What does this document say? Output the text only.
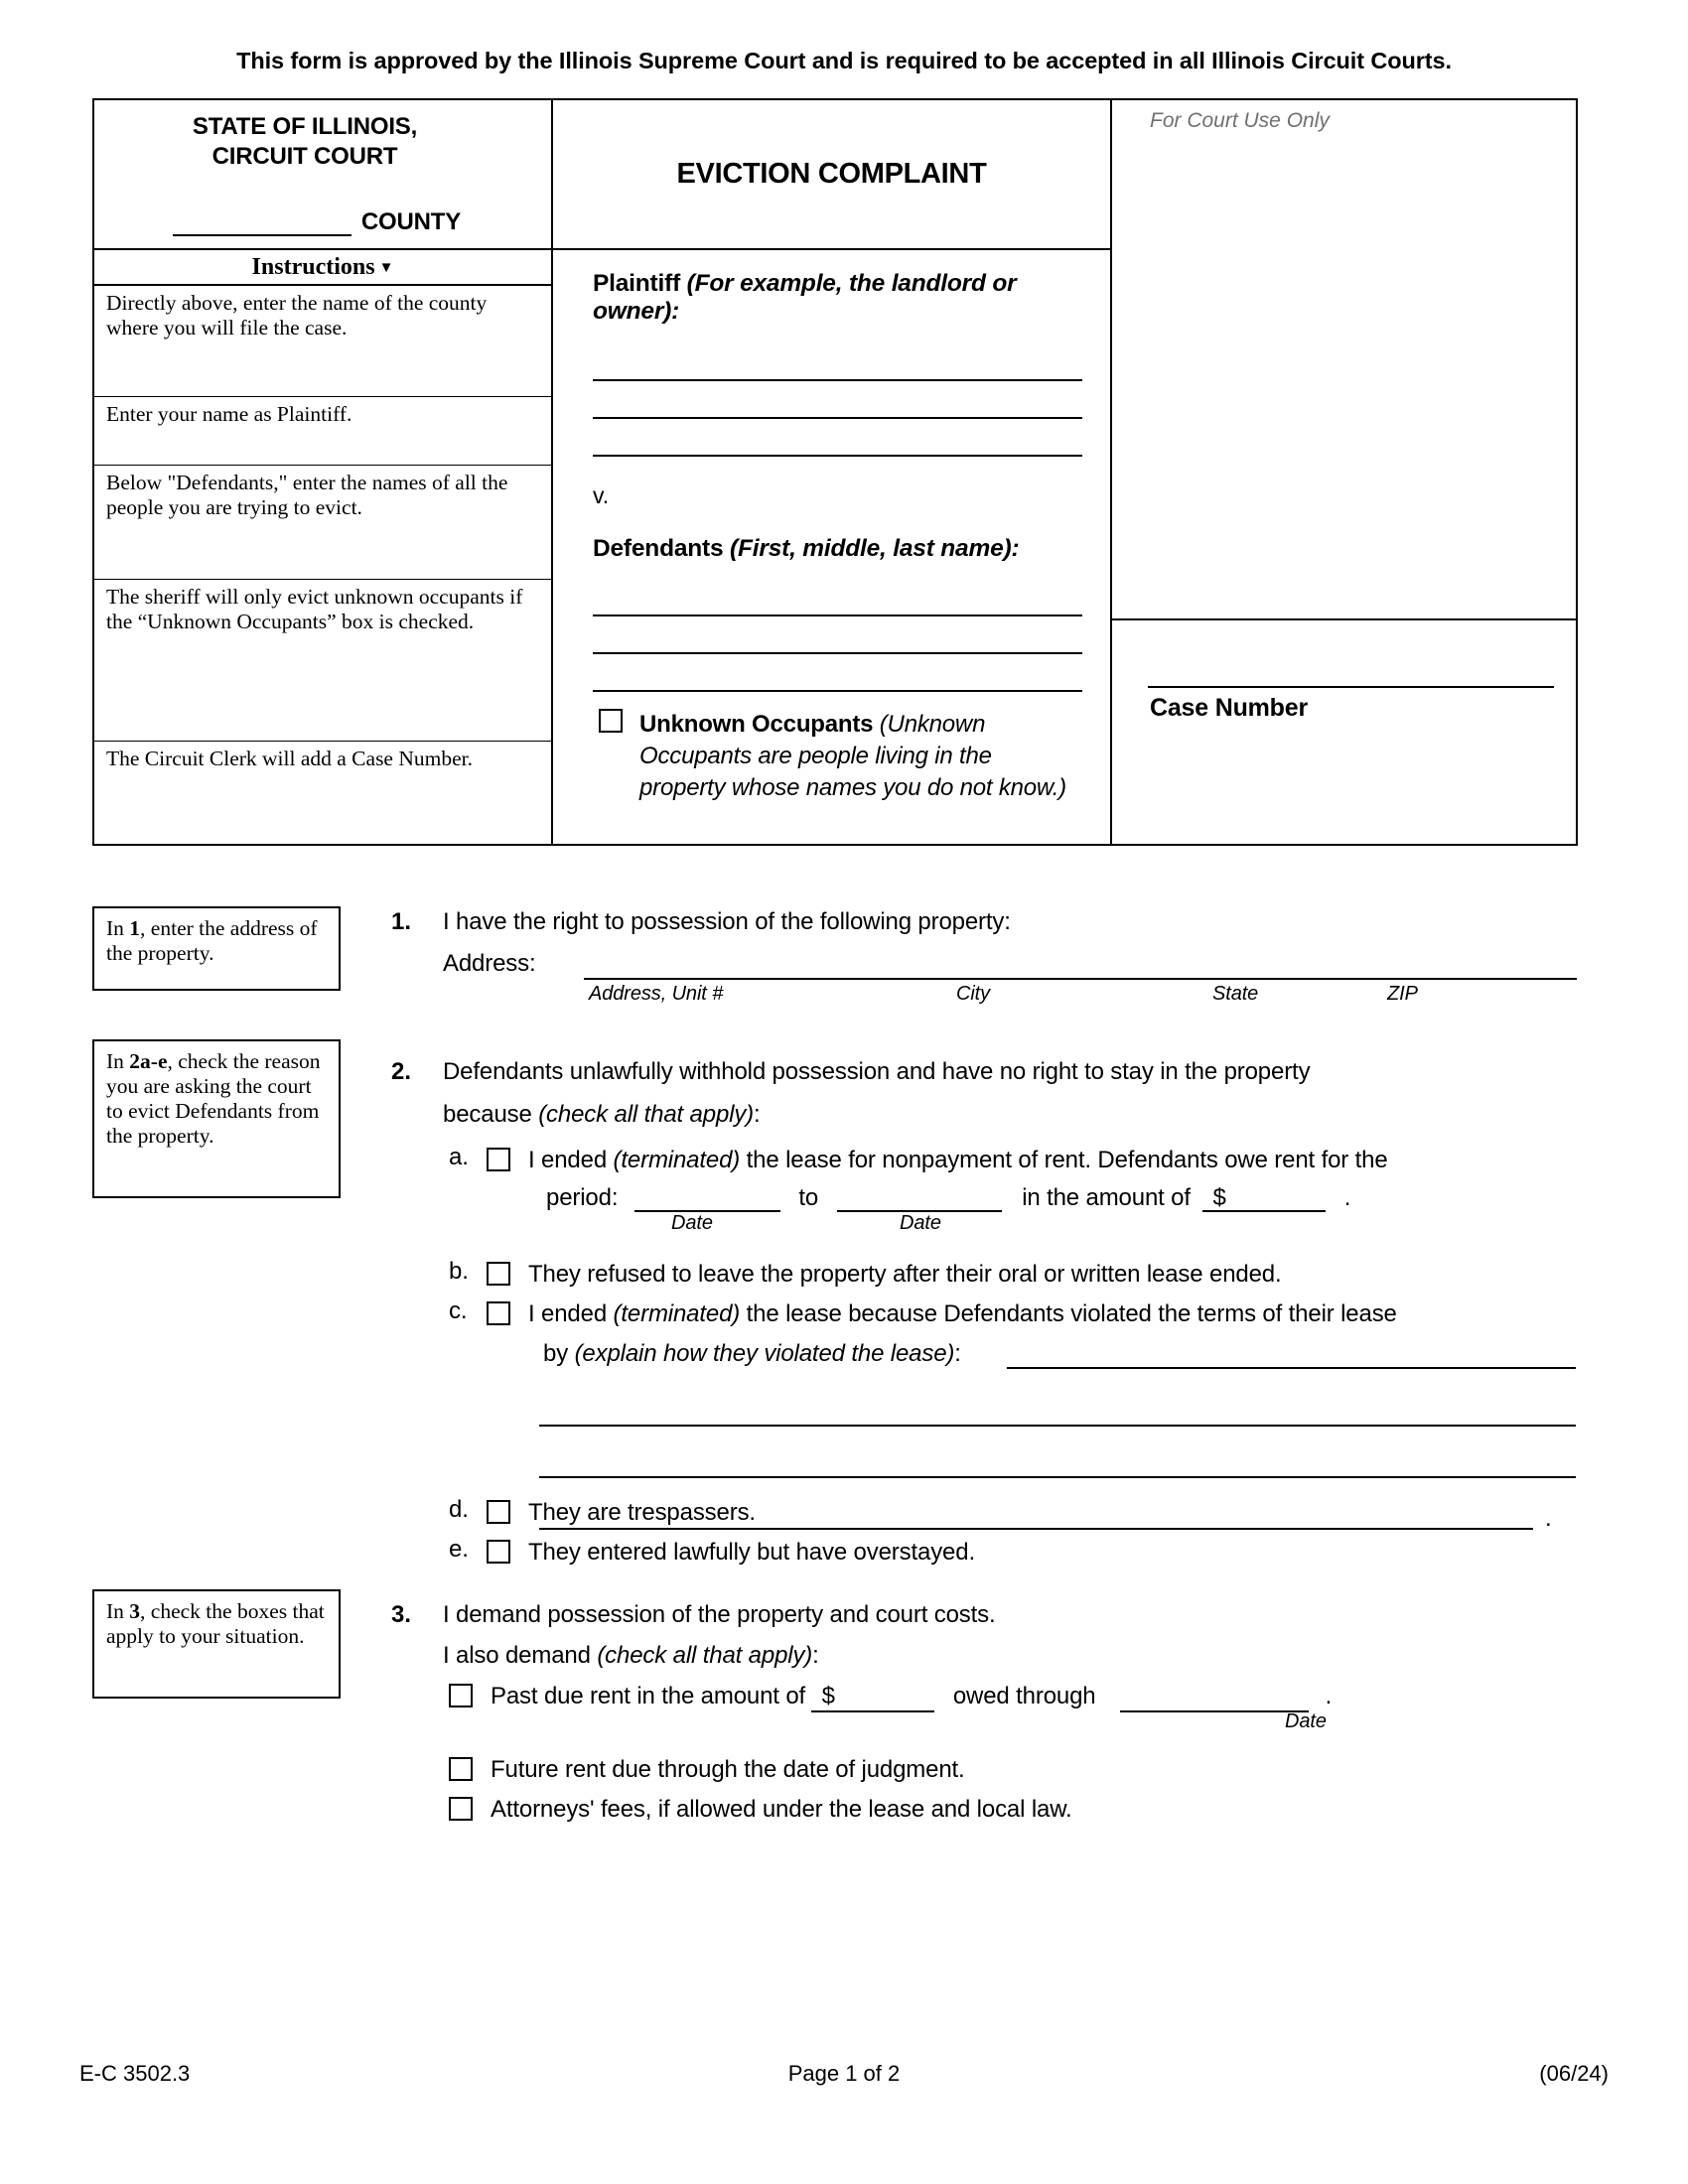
This form is approved by the Illinois Supreme Court and is required to be accepted in all Illinois Circuit Courts.
STATE OF ILLINOIS,
CIRCUIT COURT
COUNTY
Instructions ▼
Directly above, enter the name of the county where you will file the case.
Enter your name as Plaintiff.
Below "Defendants," enter the names of all the people you are trying to evict.
The sheriff will only evict unknown occupants if the “Unknown Occupants” box is checked.
The Circuit Clerk will add a Case Number.
EVICTION COMPLAINT
Plaintiff (For example, the landlord or owner):
v.
Defendants (First, middle, last name):
Unknown Occupants (Unknown Occupants are people living in the property whose names you do not know.)
For Court Use Only
Case Number
In 1, enter the address of the property.
1. I have the right to possession of the following property:
Address:
Address, Unit #	City	State	ZIP
In 2a-e, check the reason you are asking the court to evict Defendants from the property.
2. Defendants unlawfully withhold possession and have no right to stay in the property
because (check all that apply):
a.	I ended (terminated) the lease for nonpayment of rent. Defendants owe rent for the
period:	to	in the amount of $	.
Date	Date
b.	They refused to leave the property after their oral or written lease ended.
c.	I ended (terminated) the lease because Defendants violated the terms of their lease
by (explain how they violated the lease):
.
d.	They are trespassers.
e.	They entered lawfully but have overstayed.
In 3, check the boxes that apply to your situation.
3. I demand possession of the property and court costs.
I also demand (check all that apply):
Past due rent in the amount of $	owed through	.
Date
Future rent due through the date of judgment.
Attorneys' fees, if allowed under the lease and local law.
E-C 3502.3	Page 1 of 2	(06/24)
